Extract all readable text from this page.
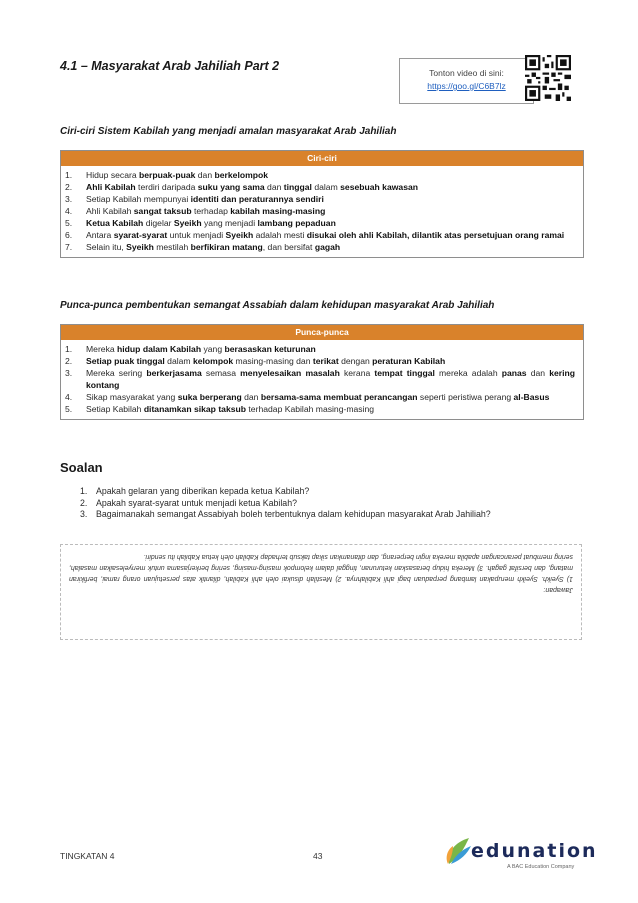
4.1 – Masyarakat Arab Jahiliah Part 2	Tonton video di sini:
https://goo.gl/C6B7lz
Ciri-ciri Sistem Kabilah yang menjadi amalan masyarakat Arab Jahiliah
Ciri-ciri
1.	Hidup secara berpuak-puak dan berkelompok
2.	Ahli Kabilah terdiri daripada suku yang sama dan tinggal dalam sesebuah kawasan
3.	Setiap Kabilah mempunyai identiti dan peraturannya sendiri
4.	Ahli Kabilah sangat taksub terhadap kabilah masing-masing
5.	Ketua Kabilah digelar Syeikh yang menjadi lambang pepaduan
6.	Antara syarat-syarat untuk menjadi Syeikh adalah mesti disukai oleh ahli Kabilah, dilantik atas persetujuan orang ramai
7.	Selain itu, Syeikh mestilah berfikiran matang, dan bersifat gagah
Punca-punca pembentukan semangat Assabiah dalam kehidupan masyarakat Arab Jahiliah
Punca-punca
1.	Mereka hidup dalam Kabilah yang berasaskan keturunan
2.	Setiap puak tinggal dalam kelompok masing-masing dan terikat dengan peraturan Kabilah
3.	Mereka sering berkerjasama semasa menyelesaikan masalah kerana tempat tinggal mereka adalah panas dan kering kontang
4.	Sikap masyarakat yang suka berperang dan bersama-sama membuat perancangan seperti peristiwa perang al-Basus
5.	Setiap Kabilah ditanamkan sikap taksub terhadap Kabilah masing-masing
Soalan
1. Apakah gelaran yang diberikan kepada ketua Kabilah?
2. Apakah syarat-syarat untuk menjadi ketua Kabilah?
3. Bagaimanakah semangat Assabiyah boleh terbentuknya dalam kehidupan masyarakat Arab Jahiliah?
Jawapan:
1) Syeikh. Syeikh merupakan lambang perpaduan bagi ahli Kabilahnya. 2) Mestilah disukai oleh ahli Kabilah, dilantik atas persetujuan orang ramai, berfikiran matang, dan bersifat gagah. 3) Mereka hidup berasaskan keturunan, tinggal dalam kelompok masing-masing, sering berkerjasama untuk menyelesaikan masalah, sering membuat perancangan apabila mereka ingin berperang, dan ditanamkan sikap taksub terhadap Kabilah oleh ketua Kabilah itu sendiri.
TINGKATAN 4	43	edunation
A BAC Education Company
